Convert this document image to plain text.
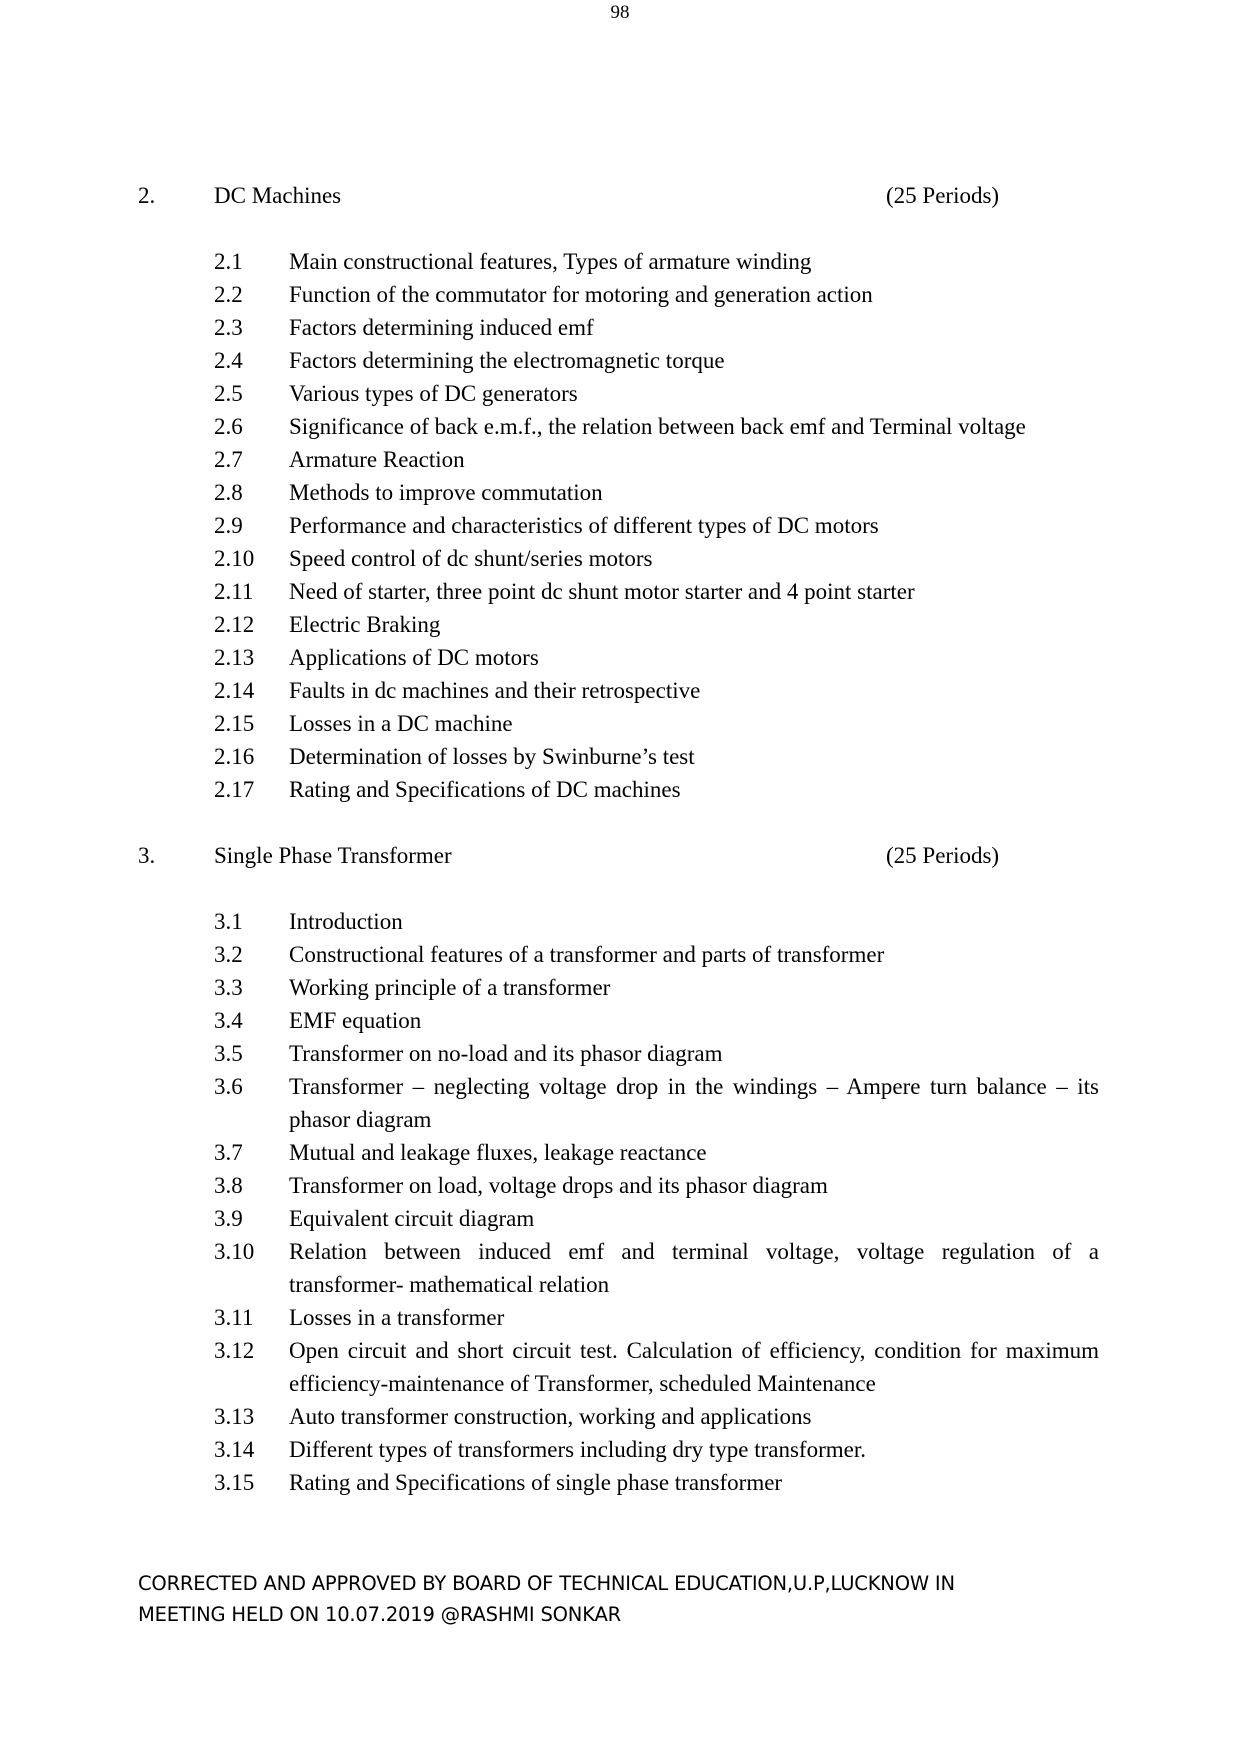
98
2.	DC Machines	(25 Periods)
2.1 Main constructional features, Types of armature winding
2.2 Function of the commutator for motoring and generation action
2.3 Factors determining induced emf
2.4 Factors determining the electromagnetic torque
2.5 Various types of DC generators
2.6 Significance of back e.m.f., the relation between back emf and Terminal voltage
2.7 Armature Reaction
2.8 Methods to improve commutation
2.9 Performance and characteristics of different types of DC motors
2.10 Speed control of dc shunt/series motors
2.11 Need of starter, three point dc shunt motor starter and 4 point starter
2.12 Electric Braking
2.13 Applications of DC motors
2.14 Faults in dc machines and their retrospective
2.15 Losses in a DC machine
2.16 Determination of losses by Swinburne’s test
2.17 Rating and Specifications of DC machines
3.	Single Phase Transformer	(25 Periods)
3.1 Introduction
3.2 Constructional features of a transformer and parts of transformer
3.3 Working principle of a transformer
3.4 EMF equation
3.5 Transformer on no-load and its phasor diagram
3.6 Transformer – neglecting voltage drop in the windings – Ampere turn balance – its phasor diagram
3.7 Mutual and leakage fluxes, leakage reactance
3.8 Transformer on load, voltage drops and its phasor diagram
3.9 Equivalent circuit diagram
3.10 Relation between induced emf and terminal voltage, voltage regulation of a transformer- mathematical relation
3.11 Losses in a transformer
3.12 Open circuit and short circuit test. Calculation of efficiency, condition for maximum efficiency-maintenance of Transformer, scheduled Maintenance
3.13 Auto transformer construction, working and applications
3.14 Different types of transformers including dry type transformer.
3.15 Rating and Specifications of single phase transformer
CORRECTED AND APPROVED BY BOARD OF TECHNICAL EDUCATION,U.P,LUCKNOW IN
MEETING HELD ON 10.07.2019 @RASHMI SONKAR
